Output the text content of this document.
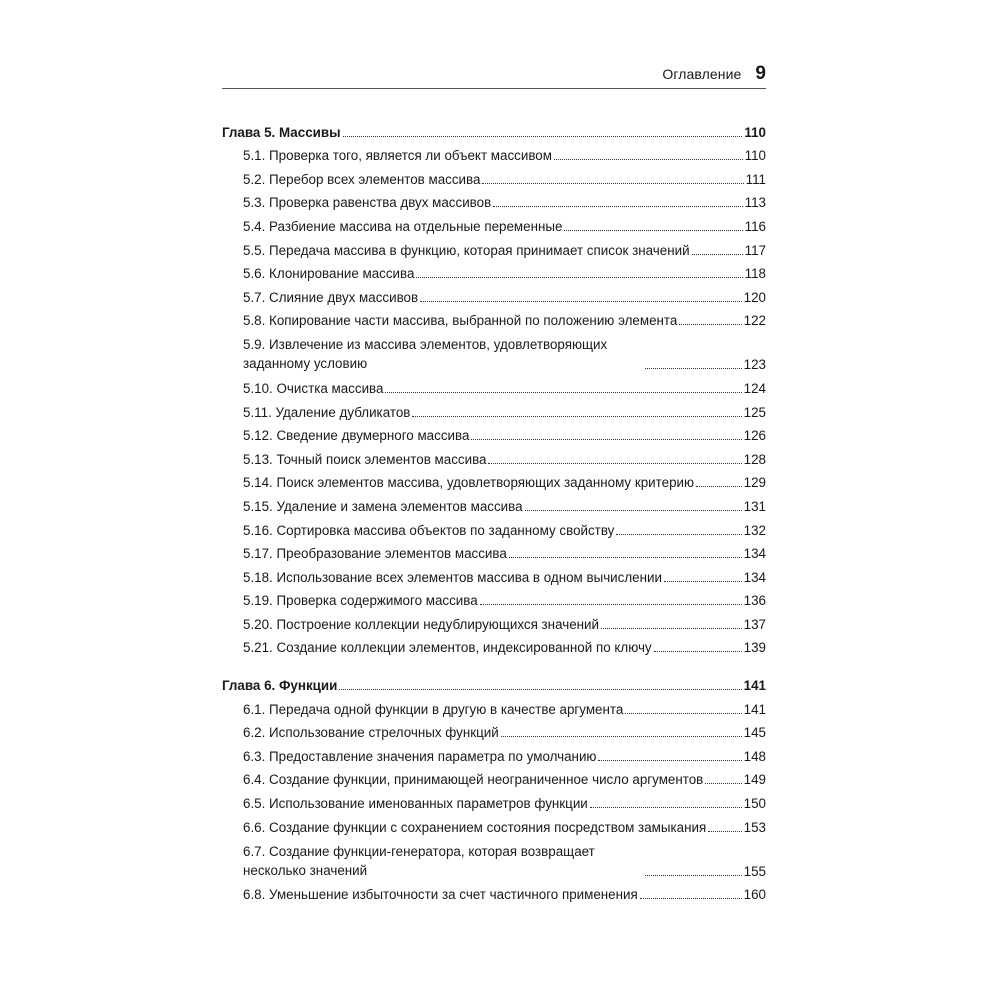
Оглавление 9
Глава 5. Массивы	110
5.1. Проверка того, является ли объект массивом	110
5.2. Перебор всех элементов массива	111
5.3. Проверка равенства двух массивов	113
5.4. Разбиение массива на отдельные переменные	116
5.5. Передача массива в функцию, которая принимает список значений	117
5.6. Клонирование массива	118
5.7. Слияние двух массивов	120
5.8. Копирование части массива, выбранной по положению элемента	122
5.9. Извлечение из массива элементов, удовлетворяющих заданному условию	123
5.10. Очистка массива	124
5.11. Удаление дубликатов	125
5.12. Сведение двумерного массива	126
5.13. Точный поиск элементов массива	128
5.14. Поиск элементов массива, удовлетворяющих заданному критерию	129
5.15. Удаление и замена элементов массива	131
5.16. Сортировка массива объектов по заданному свойству	132
5.17. Преобразование элементов массива	134
5.18. Использование всех элементов массива в одном вычислении	134
5.19. Проверка содержимого массива	136
5.20. Построение коллекции недублирующихся значений	137
5.21. Создание коллекции элементов, индексированной по ключу	139
Глава 6. Функции	141
6.1. Передача одной функции в другую в качестве аргумента	141
6.2. Использование стрелочных функций	145
6.3. Предоставление значения параметра по умолчанию	148
6.4. Создание функции, принимающей неограниченное число аргументов	149
6.5. Использование именованных параметров функции	150
6.6. Создание функции с сохранением состояния посредством замыкания	153
6.7. Создание функции-генератора, которая возвращает несколько значений	155
6.8. Уменьшение избыточности за счет частичного применения	160
